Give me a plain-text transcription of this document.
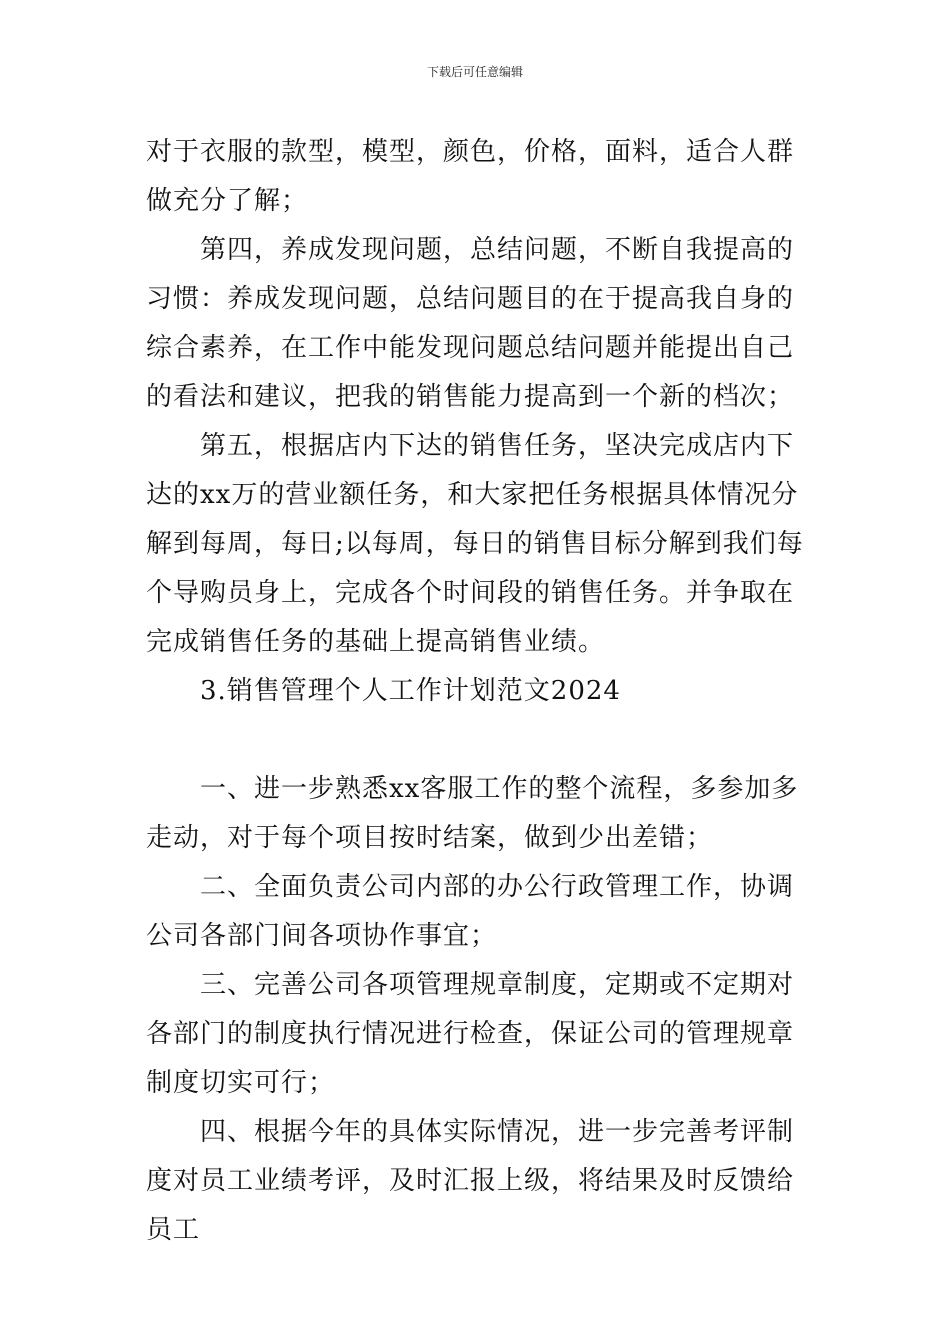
下载后可任意编辑

对于衣服的款型，模型，颜色，价格，面料，适合人群做充分了解；

第四，养成发现问题，总结问题，不断自我提高的习惯：养成发现问题，总结问题目的在于提高我自身的综合素养，在工作中能发现问题总结问题并能提出自己的看法和建议，把我的销售能力提高到一个新的档次；

第五，根据店内下达的销售任务，坚决完成店内下达的xx万的营业额任务，和大家把任务根据具体情况分解到每周，每日;以每周，每日的销售目标分解到我们每个导购员身上，完成各个时间段的销售任务。并争取在完成销售任务的基础上提高销售业绩。

3.销售管理个人工作计划范文2024

一、进一步熟悉xx客服工作的整个流程，多参加多走动，对于每个项目按时结案，做到少出差错；

二、全面负责公司内部的办公行政管理工作，协调公司各部门间各项协作事宜；

三、完善公司各项管理规章制度，定期或不定期对各部门的制度执行情况进行检查，保证公司的管理规章制度切实可行；

四、根据今年的具体实际情况，进一步完善考评制度对员工业绩考评，及时汇报上级，将结果及时反馈给员工
